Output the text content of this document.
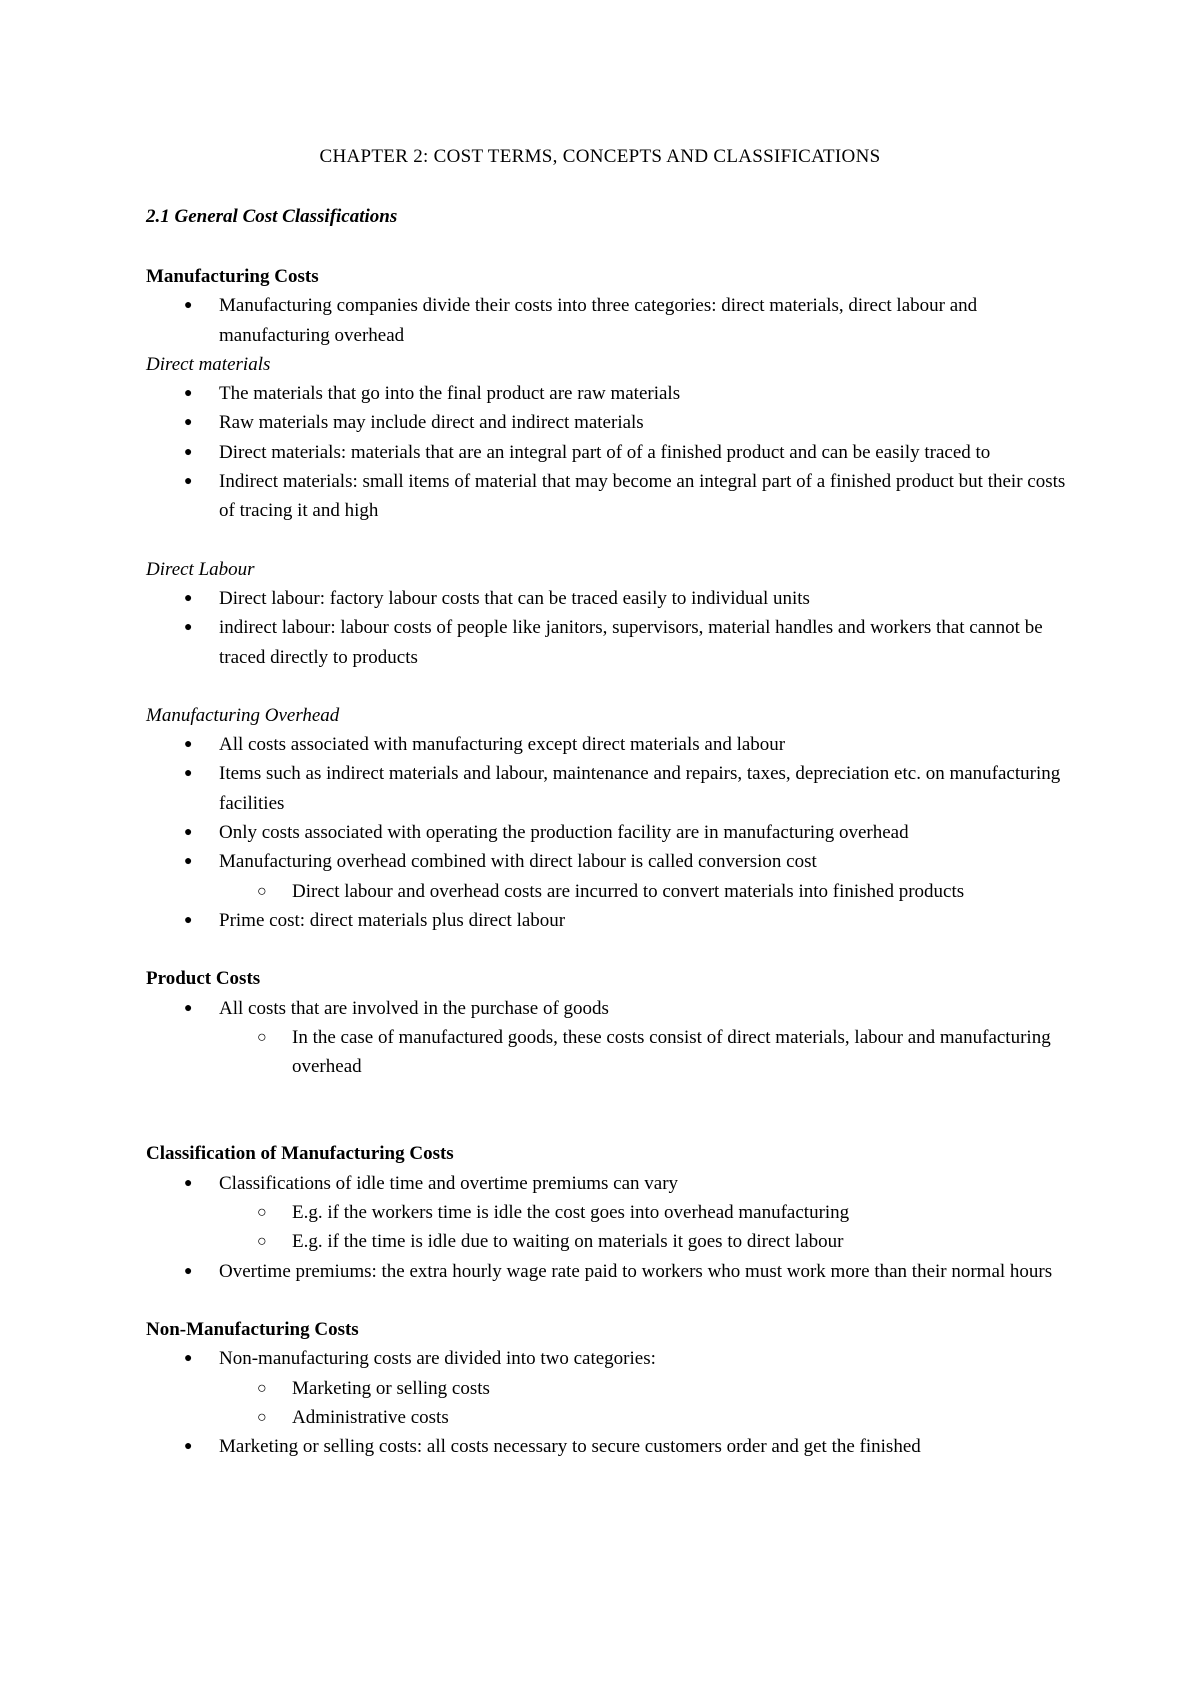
CHAPTER 2: COST TERMS, CONCEPTS AND CLASSIFICATIONS
2.1 General Cost Classifications

Manufacturing Costs

● Manufacturing companies divide their costs into three categories: direct materials, direct labour and manufacturing overhead

Direct materials

● The materials that go into the final product are raw materials
● Raw materials may include direct and indirect materials
● Direct materials: materials that are an integral part of of a finished product and can be easily traced to
● Indirect materials: small items of material that may become an integral part of a finished product but their costs of tracing it and high

Direct Labour

● Direct labour: factory labour costs that can be traced easily to individual units
● indirect labour: labour costs of people like janitors, supervisors, material handles and workers that cannot be traced directly to products

Manufacturing Overhead

● All costs associated with manufacturing except direct materials and labour
● Items such as indirect materials and labour, maintenance and repairs, taxes, depreciation etc. on manufacturing facilities
● Only costs associated with operating the production facility are in manufacturing overhead
● Manufacturing overhead combined with direct labour is called conversion cost
○ Direct labour and overhead costs are incurred to convert materials into finished products
● Prime cost: direct materials plus direct labour

Product Costs

● All costs that are involved in the purchase of goods
○ In the case of manufactured goods, these costs consist of direct materials, labour and manufacturing overhead

Classification of Manufacturing Costs

● Classifications of idle time and overtime premiums can vary
○ E.g. if the workers time is idle the cost goes into overhead manufacturing
○ E.g. if the time is idle due to waiting on materials it goes to direct labour
● Overtime premiums: the extra hourly wage rate paid to workers who must work more than their normal hours

Non-Manufacturing Costs

● Non-manufacturing costs are divided into two categories:
○ Marketing or selling costs
○ Administrative costs
● Marketing or selling costs: all costs necessary to secure customers order and get the finished
